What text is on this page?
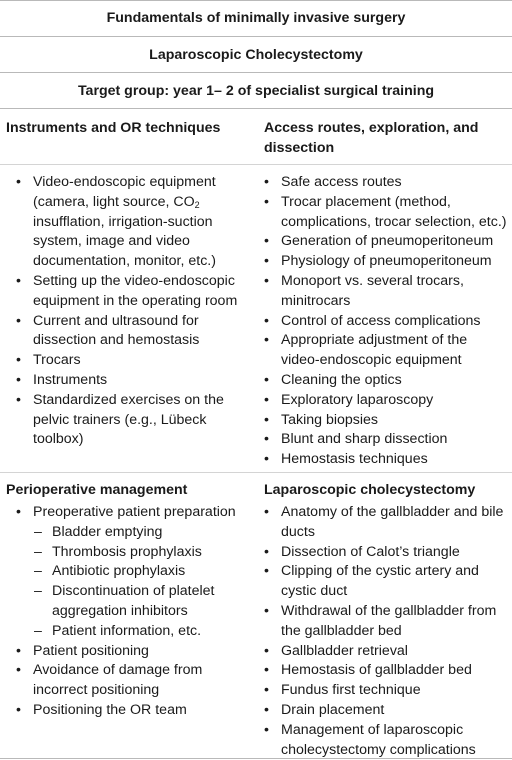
Fundamentals of minimally invasive surgery
Laparoscopic Cholecystectomy
Target group: year 1– 2 of specialist surgical training
Instruments and OR techniques
• Video-endoscopic equipment (camera, light source, $CO_2$ insufflation, irrigation-suction system, image and video documentation, monitor, etc.)
• Setting up the video-endoscopic equipment in the operating room
• Current and ultrasound for dissection and hemostasis
• Trocars
• Instruments
• Standardized exercises on the pelvic trainers (e.g., Lübeck toolbox)
Access routes, exploration, and dissection
• Safe access routes
• Trocar placement (method, complications, trocar selection, etc.)
• Generation of pneumoperitoneum
• Physiology of pneumoperitoneum
• Monoport vs. several trocars, minitrocars
• Control of access complications
• Appropriate adjustment of the video-endoscopic equipment
• Cleaning the optics
• Exploratory laparoscopy
• Taking biopsies
• Blunt and sharp dissection
• Hemostasis techniques
Perioperative management
• Preoperative patient preparation
– Bladder emptying
– Thrombosis prophylaxis
– Antibiotic prophylaxis
– Discontinuation of platelet aggregation inhibitors
– Patient information, etc.
• Patient positioning
• Avoidance of damage from incorrect positioning
• Positioning the OR team
Laparoscopic cholecystectomy
• Anatomy of the gallbladder and bile ducts
• Dissection of Calot’s triangle
• Clipping of the cystic artery and cystic duct
• Withdrawal of the gallbladder from the gallbladder bed
• Gallbladder retrieval
• Hemostasis of gallbladder bed
• Fundus first technique
• Drain placement
• Management of laparoscopic cholecystectomy complications
